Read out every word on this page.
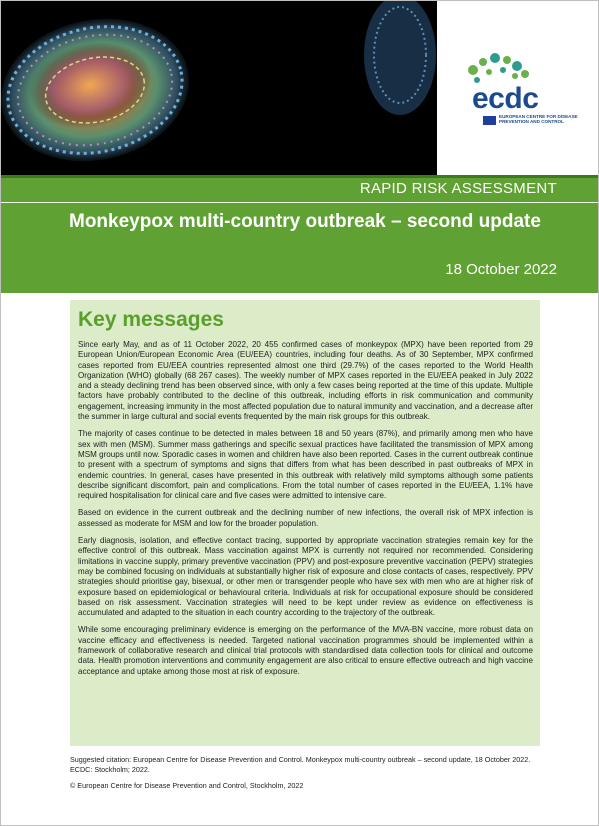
ecdc
EUROPEAN CENTRE FOR DISEASE PREVENTION AND CONTROL
RAPID RISK ASSESSMENT
Monkeypox multi-country outbreak – second update
18 October 2022
Key messages

Since early May, and as of 11 October 2022, 20 455 confirmed cases of monkeypox (MPX) have been reported from 29 European Union/European Economic Area (EU/EEA) countries, including four deaths. As of 30 September, MPX confirmed cases reported from EU/EEA countries represented almost one third (29.7%) of the cases reported to the World Health Organization (WHO) globally (68 267 cases). The weekly number of MPX cases reported in the EU/EEA peaked in July 2022 and a steady declining trend has been observed since, with only a few cases being reported at the time of this update. Multiple factors have probably contributed to the decline of this outbreak, including efforts in risk communication and community engagement, increasing immunity in the most affected population due to natural immunity and vaccination, and a decrease after the summer in large cultural and social events frequented by the main risk groups for this outbreak.

The majority of cases continue to be detected in males between 18 and 50 years (87%), and primarily among men who have sex with men (MSM). Summer mass gatherings and specific sexual practices have facilitated the transmission of MPX among MSM groups until now. Sporadic cases in women and children have also been reported. Cases in the current outbreak continue to present with a spectrum of symptoms and signs that differs from what has been described in past outbreaks of MPX in endemic countries. In general, cases have presented in this outbreak with relatively mild symptoms although some patients describe significant discomfort, pain and complications. From the total number of cases reported in the EU/EEA, 1.1% have required hospitalisation for clinical care and five cases were admitted to intensive care.

Based on evidence in the current outbreak and the declining number of new infections, the overall risk of MPX infection is assessed as moderate for MSM and low for the broader population.

Early diagnosis, isolation, and effective contact tracing, supported by appropriate vaccination strategies remain key for the effective control of this outbreak. Mass vaccination against MPX is currently not required nor recommended. Considering limitations in vaccine supply, primary preventive vaccination (PPV) and post-exposure preventive vaccination (PEPV) strategies may be combined focusing on individuals at substantially higher risk of exposure and close contacts of cases, respectively. PPV strategies should prioritise gay, bisexual, or other men or transgender people who have sex with men who are at higher risk of exposure based on epidemiological or behavioural criteria. Individuals at risk for occupational exposure should be considered based on risk assessment. Vaccination strategies will need to be kept under review as evidence on effectiveness is accumulated and adapted to the situation in each country according to the trajectory of the outbreak.

While some encouraging preliminary evidence is emerging on the performance of the MVA-BN vaccine, more robust data on vaccine efficacy and effectiveness is needed. Targeted national vaccination programmes should be implemented within a framework of collaborative research and clinical trial protocols with standardised data collection tools for clinical and outcome data. Health promotion interventions and community engagement are also critical to ensure effective outreach and high vaccine acceptance and uptake among those most at risk of exposure.

Suggested citation: European Centre for Disease Prevention and Control. Monkeypox multi-country outbreak – second update, 18 October 2022. ECDC: Stockholm; 2022.
© European Centre for Disease Prevention and Control, Stockholm, 2022
